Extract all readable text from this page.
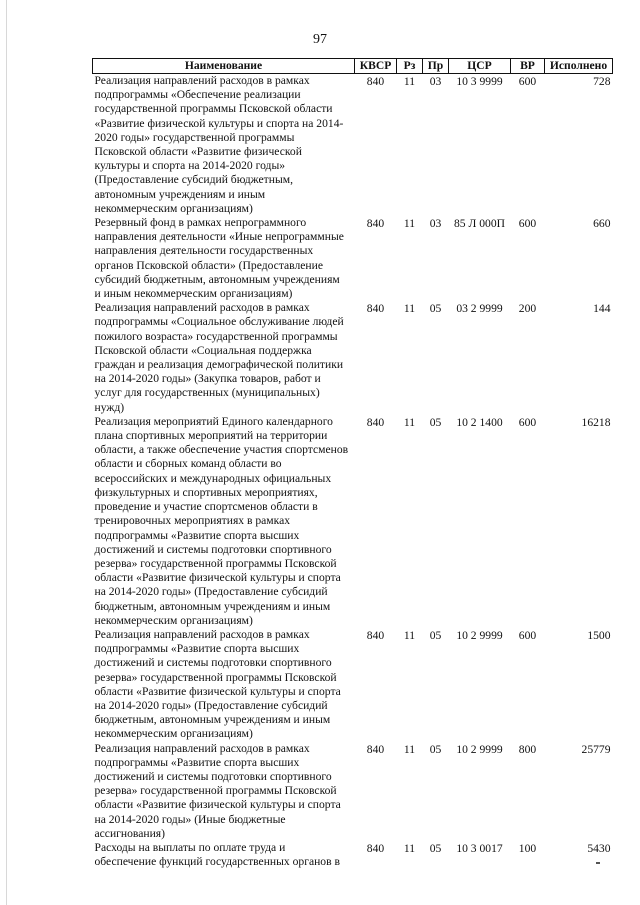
97
Наименование	КВСР	Рз	Пр	ЦСР	ВР	Исполнено
Реализация направлений расходов в рамках подпрограммы «Обеспечение реализации государственной программы Псковской области «Развитие физической культуры и спорта на 2014-2020 годы» государственной программы Псковской области «Развитие физической культуры и спорта на 2014-2020 годы» (Предоставление субсидий бюджетным, автономным учреждениям и иным некоммерческим организациям)	840	11	03	10 3 9999	600	728
Резервный фонд в рамках непрограммного направления деятельности «Иные непрограммные направления деятельности государственных органов Псковской области» (Предоставление субсидий бюджетным, автономным учреждениям и иным некоммерческим организациям)	840	11	03	85 Л 000П	600	660
Реализация направлений расходов в рамках подпрограммы «Социальное обслуживание людей пожилого возраста» государственной программы Псковской области «Социальная поддержка граждан и реализация демографической политики на 2014-2020 годы» (Закупка товаров, работ и услуг для государственных (муниципальных) нужд)	840	11	05	03 2 9999	200	144
Реализация мероприятий Единого календарного плана спортивных мероприятий на территории области, а также обеспечение участия спортсменов области и сборных команд области во всероссийских и международных официальных физкультурных и спортивных мероприятиях, проведение и участие спортсменов области в тренировочных мероприятиях в рамках подпрограммы «Развитие спорта высших достижений и системы подготовки спортивного резерва» государственной программы Псковской области «Развитие физической культуры и спорта на 2014-2020 годы» (Предоставление субсидий бюджетным, автономным учреждениям и иным некоммерческим организациям)	840	11	05	10 2 1400	600	16218
Реализация направлений расходов в рамках подпрограммы «Развитие спорта высших достижений и системы подготовки спортивного резерва» государственной программы Псковской области «Развитие физической культуры и спорта на 2014-2020 годы» (Предоставление субсидий бюджетным, автономным учреждениям и иным некоммерческим организациям)	840	11	05	10 2 9999	600	1500
Реализация направлений расходов в рамках подпрограммы «Развитие спорта высших достижений и системы подготовки спортивного резерва» государственной программы Псковской области «Развитие физической культуры и спорта на 2014-2020 годы» (Иные бюджетные ассигнования)	840	11	05	10 2 9999	800	25779
Расходы на выплаты по оплате труда и обеспечение функций государственных органов в	840	11	05	10 3 0017	100	5430
